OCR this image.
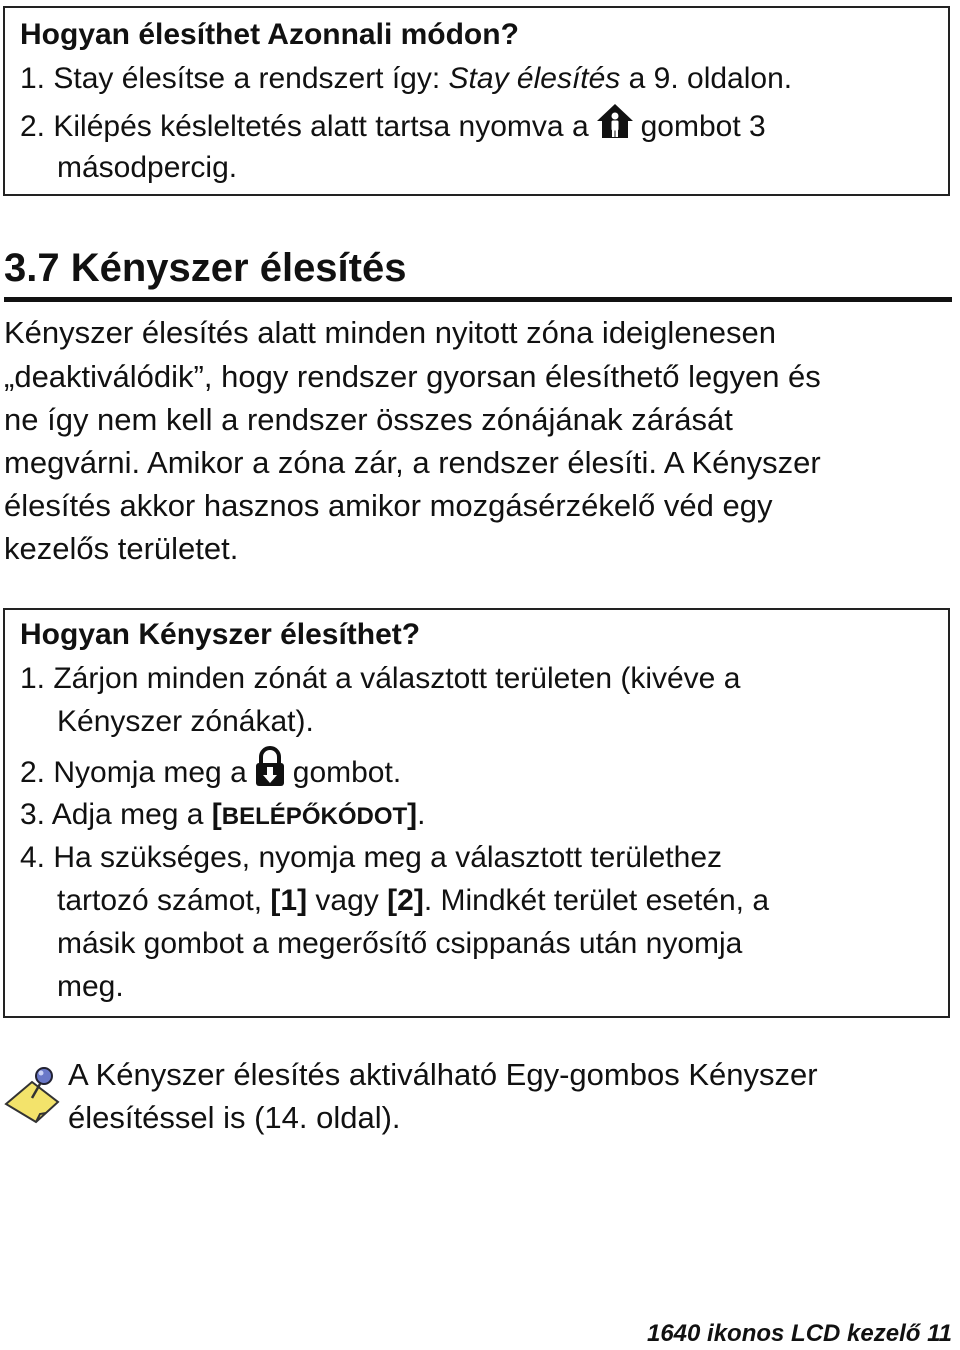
Hogyan élesíthet Azonnali módon?
1. Stay élesítse a rendszert így: Stay élesítés a 9. oldalon.
2. Kilépés késleltetés alatt tartsa nyomva a gombot 3
másodpercig.
3.7 Kényszer élesítés
Kényszer élesítés alatt minden nyitott zóna ideiglenesen
„deaktiválódik”, hogy rendszer gyorsan élesíthető legyen és
ne így nem kell a rendszer összes zónájának zárását
megvárni. Amikor a zóna zár, a rendszer élesíti. A Kényszer
élesítés akkor hasznos amikor mozgásérzékelő véd egy
kezelős területet.
Hogyan Kényszer élesíthet?
1. Zárjon minden zónát a választott területen (kivéve a
Kényszer zónákat).
2. Nyomja meg a gombot.
3. Adja meg a [BELÉPŐKÓDOT].
4. Ha szükséges, nyomja meg a választott területhez
tartozó számot, [1] vagy [2]. Mindkét terület esetén, a
másik gombot a megerősítő csippanás után nyomja
meg.
A Kényszer élesítés aktiválható Egy-gombos Kényszer
élesítéssel is (14. oldal).
1640 ikonos LCD kezelő 11
